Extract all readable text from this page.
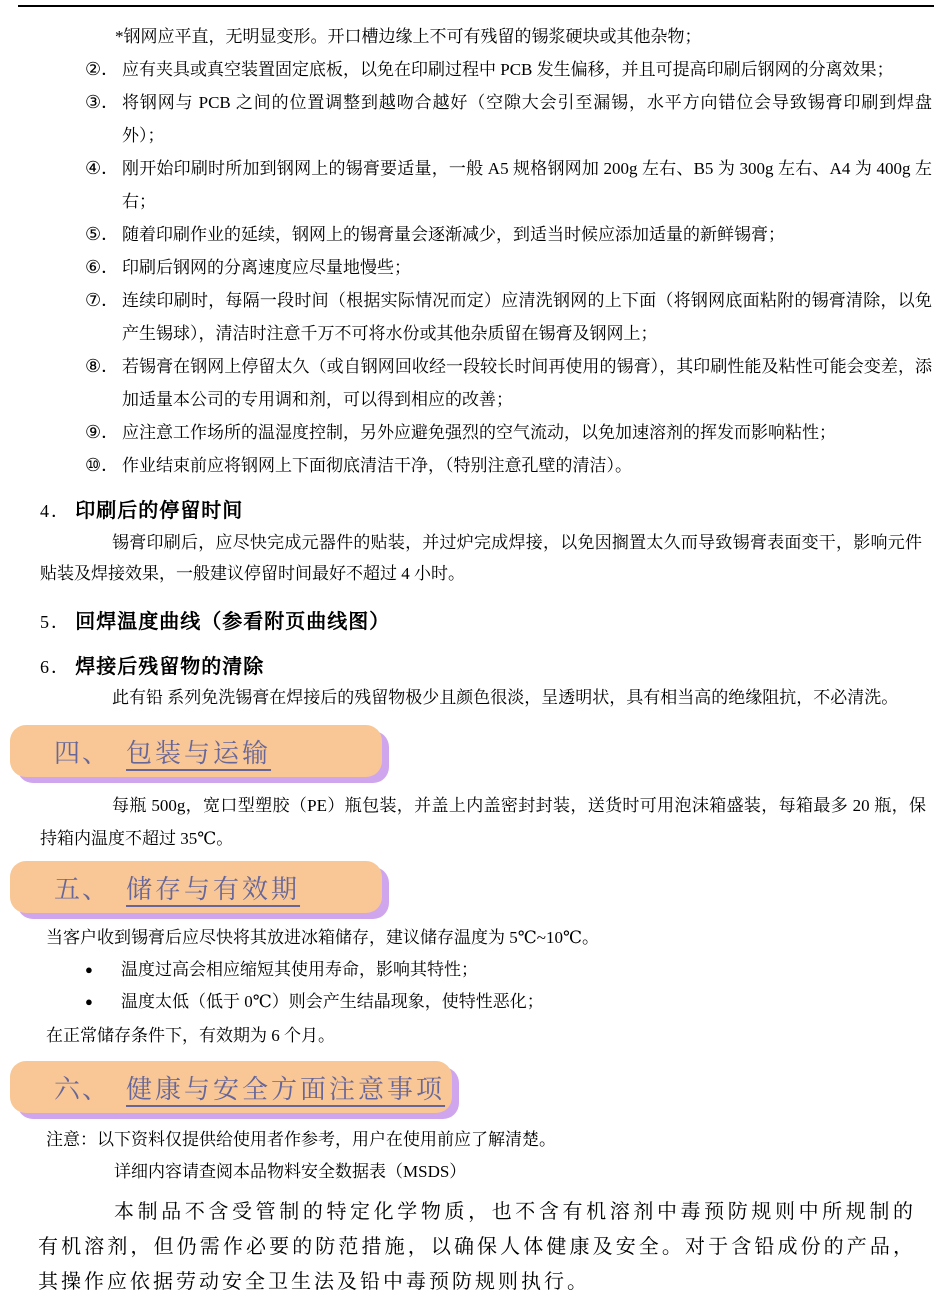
*钢网应平直，无明显变形。开口槽边缘上不可有残留的锡浆硬块或其他杂物；
②． 应有夹具或真空装置固定底板，以免在印刷过程中 PCB 发生偏移，并且可提高印刷后钢网的分离效果；
③． 将钢网与 PCB 之间的位置调整到越吻合越好（空隙大会引至漏锡，水平方向错位会导致锡膏印刷到焊盘外）；
④． 刚开始印刷时所加到钢网上的锡膏要适量，一般 A5 规格钢网加 200g 左右、B5 为 300g 左右、A4 为 400g 左右；
⑤． 随着印刷作业的延续，钢网上的锡膏量会逐渐减少，到适当时候应添加适量的新鲜锡膏；
⑥． 印刷后钢网的分离速度应尽量地慢些；
⑦． 连续印刷时，每隔一段时间（根据实际情况而定）应清洗钢网的上下面（将钢网底面粘附的锡膏清除，以免产生锡球），清洁时注意千万不可将水份或其他杂质留在锡膏及钢网上；
⑧． 若锡膏在钢网上停留太久（或自钢网回收经一段较长时间再使用的锡膏），其印刷性能及粘性可能会变差，添加适量本公司的专用调和剂，可以得到相应的改善；
⑨． 应注意工作场所的温湿度控制，另外应避免强烈的空气流动，以免加速溶剂的挥发而影响粘性；
⑩． 作业结束前应将钢网上下面彻底清洁干净，（特别注意孔壁的清洁）。
4． 印刷后的停留时间
锡膏印刷后，应尽快完成元器件的贴装，并过炉完成焊接，以免因搁置太久而导致锡膏表面变干，影响元件贴装及焊接效果，一般建议停留时间最好不超过 4 小时。
5． 回焊温度曲线（参看附页曲线图）
6． 焊接后残留物的清除
此有铅 系列免洗锡膏在焊接后的残留物极少且颜色很淡，呈透明状，具有相当高的绝缘阻抗，不必清洗。
四、 包装与运输
每瓶 500g，宽口型塑胶（PE）瓶包装，并盖上内盖密封封装，送货时可用泡沫箱盛装，每箱最多 20 瓶，保持箱内温度不超过 35℃。
五、 储存与有效期
当客户收到锡膏后应尽快将其放进冰箱储存，建议储存温度为 5℃~10℃。
● 温度过高会相应缩短其使用寿命，影响其特性；
● 温度太低（低于 0℃）则会产生结晶现象，使特性恶化；
在正常储存条件下，有效期为 6 个月。
六、 健康与安全方面注意事项
注意：以下资料仅提供给使用者作参考，用户在使用前应了解清楚。
详细内容请查阅本品物料安全数据表（MSDS）
本制品不含受管制的特定化学物质，也不含有机溶剂中毒预防规则中所规制的有机溶剂，但仍需作必要的防范措施，以确保人体健康及安全。对于含铅成份的产品，其操作应依据劳动安全卫生法及铅中毒预防规则执行。
